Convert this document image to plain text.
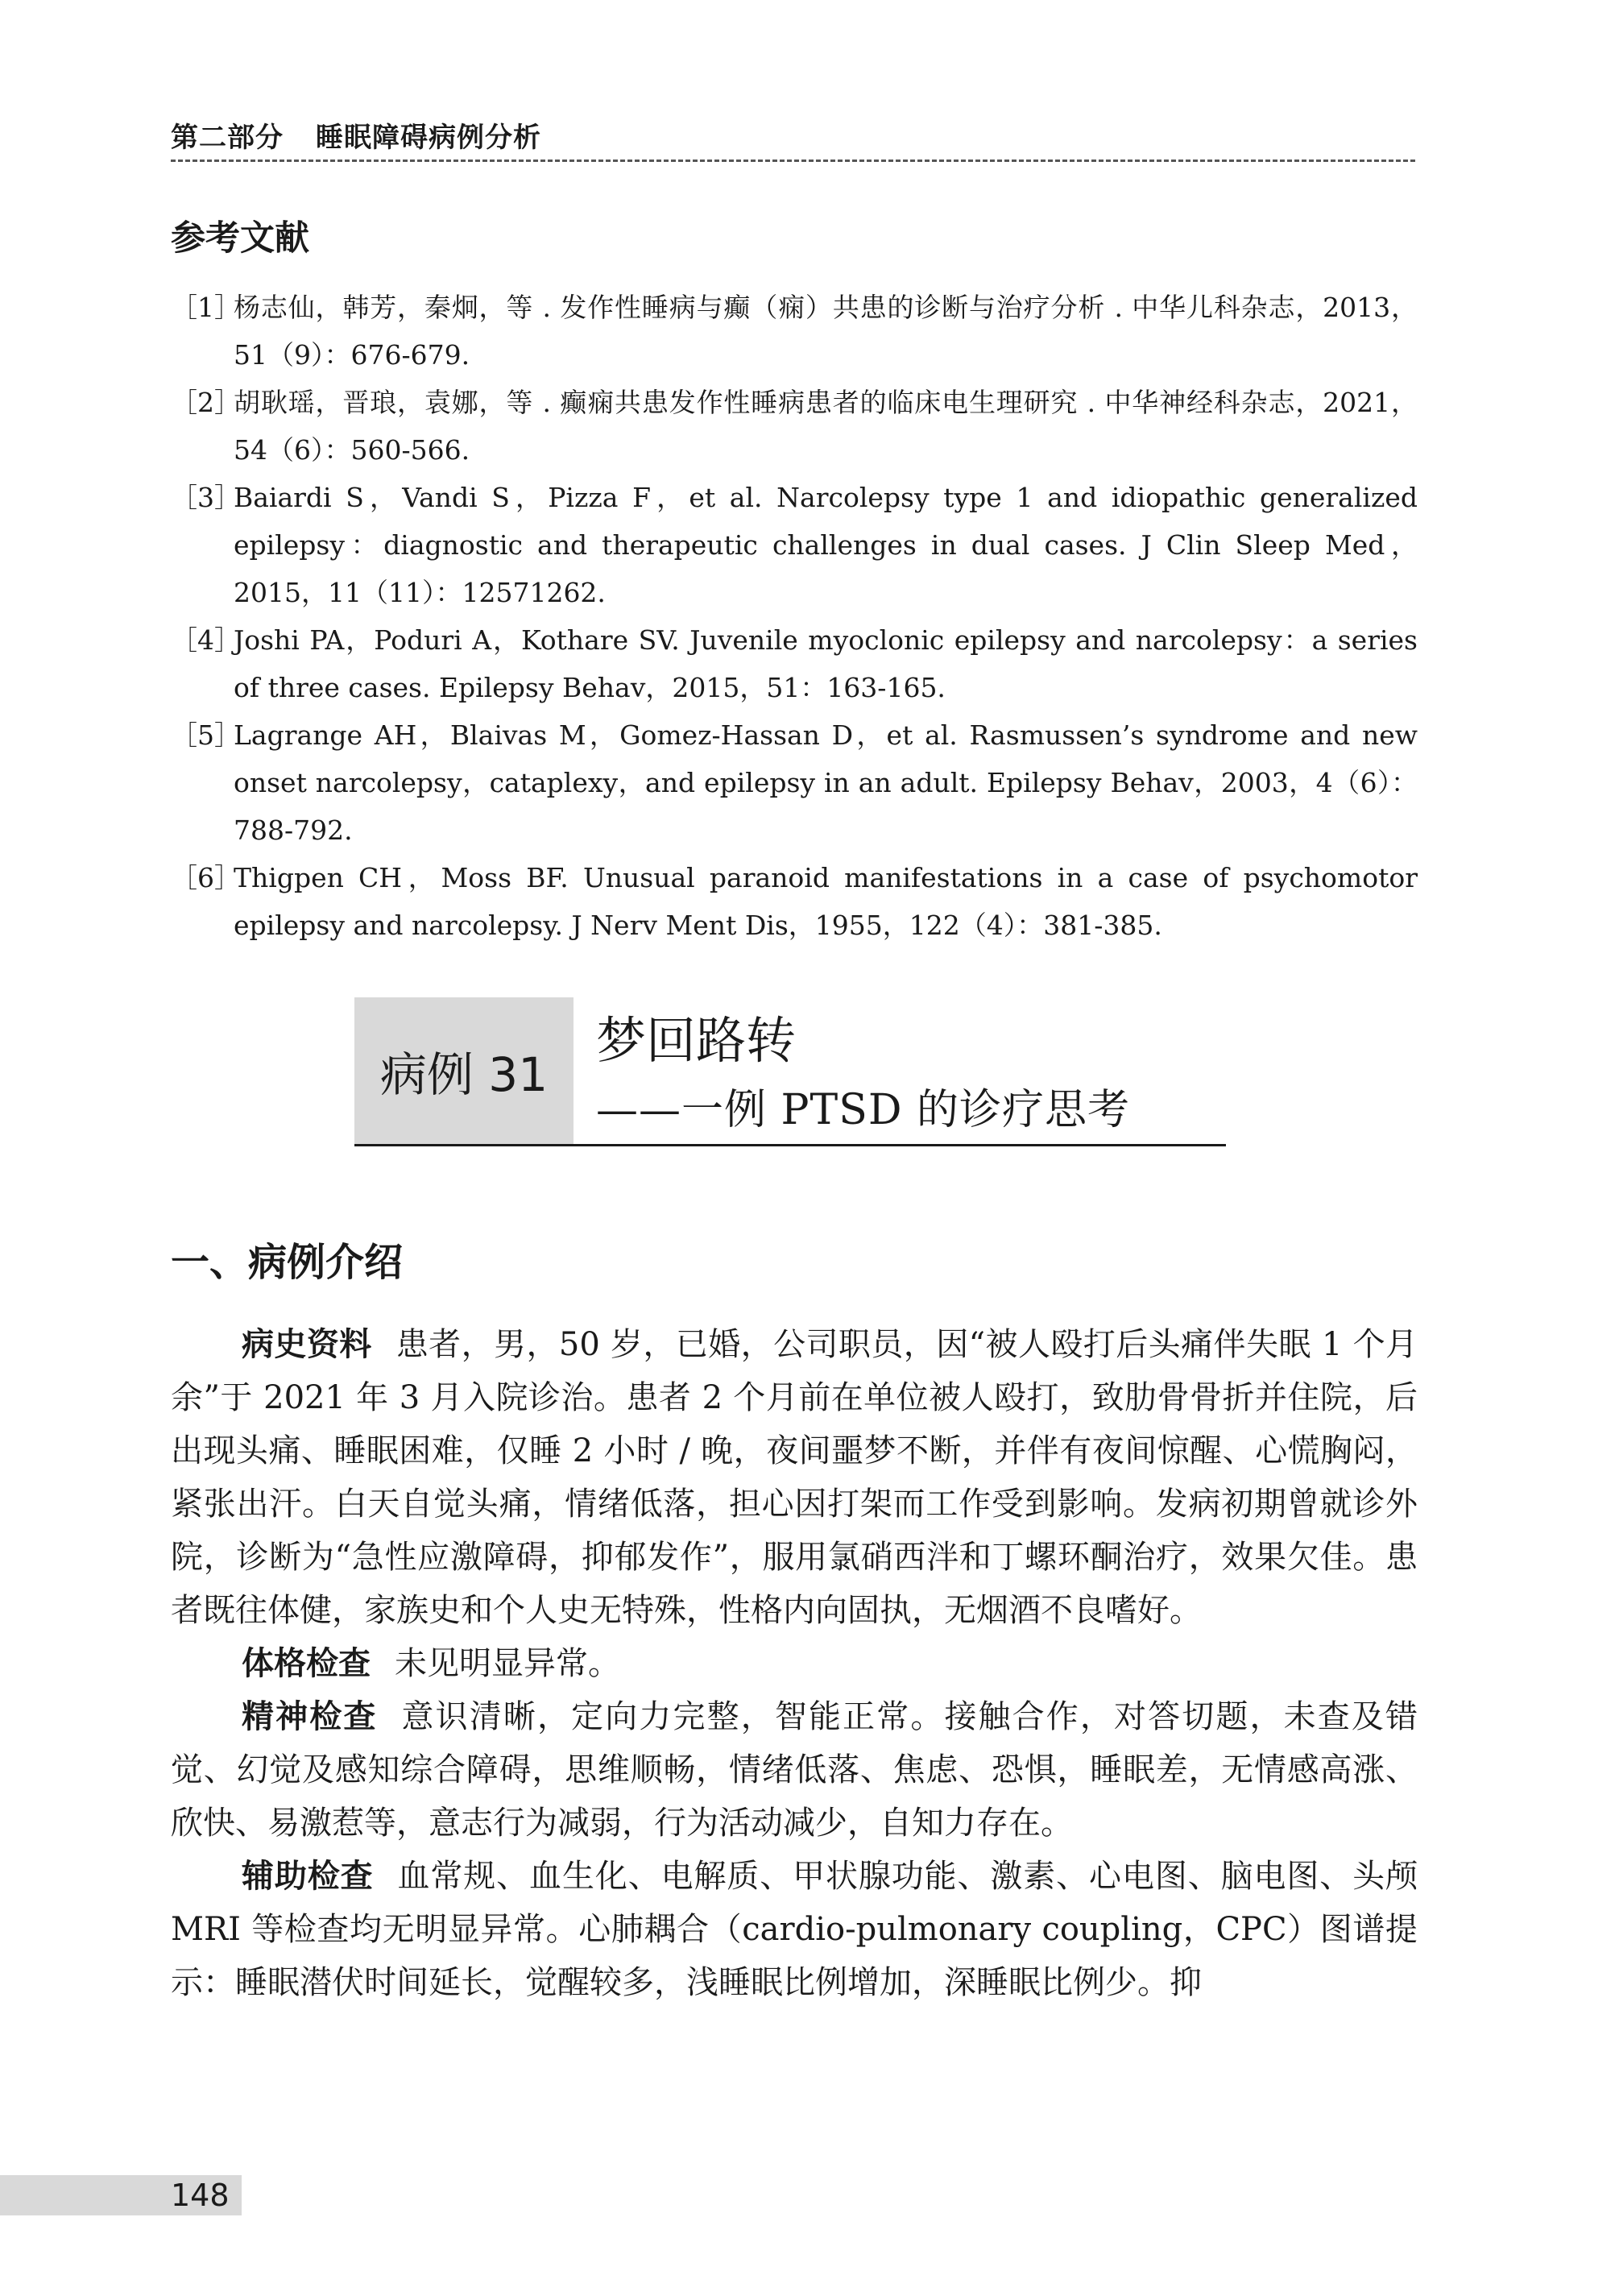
第二部分 睡眠障碍病例分析
参考文献
［1］
杨志仙，韩芳，秦炯，等 . 发作性睡病与癫（痫）共患的诊断与治疗分析 . 中华儿科杂志，2013，51（9）：676-679.
［2］
胡耿瑶，晋琅，袁娜，等 . 癫痫共患发作性睡病患者的临床电生理研究 . 中华神经科杂志，2021，54（6）：560-566.
［3］
Baiardi S，Vandi S，Pizza F，et al. Narcolepsy type 1 and idiopathic generalized epilepsy：diagnostic and therapeutic challenges in dual cases. J Clin Sleep Med，2015，11（11）：12571262.
［4］
Joshi PA，Poduri A，Kothare SV. Juvenile myoclonic epilepsy and narcolepsy：a series of three cases. Epilepsy Behav，2015，51：163-165.
［5］
Lagrange AH，Blaivas M，Gomez-Hassan D，et al. Rasmussen’s syndrome and new onset narcolepsy，cataplexy，and epilepsy in an adult. Epilepsy Behav，2003，4（6）：788-792.
［6］
Thigpen CH，Moss BF. Unusual paranoid manifestations in a case of psychomotor epilepsy and narcolepsy. J Nerv Ment Dis，1955，122（4）：381-385.
病例 31
梦回路转
——一例 PTSD 的诊疗思考
一、病例介绍

病史资料 患者，男，50 岁，已婚，公司职员，因“被人殴打后头痛伴失眠 1 个月余”于 2021 年 3 月入院诊治。患者 2 个月前在单位被人殴打，致肋骨骨折并住院，后出现头痛、睡眠困难，仅睡 2 小时 / 晚，夜间噩梦不断，并伴有夜间惊醒、心慌胸闷，紧张出汗。白天自觉头痛，情绪低落，担心因打架而工作受到影响。发病初期曾就诊外院，诊断为“急性应激障碍，抑郁发作”，服用氯硝西泮和丁螺环酮治疗，效果欠佳。患者既往体健，家族史和个人史无特殊，性格内向固执，无烟酒不良嗜好。

体格检查 未见明显异常。

精神检查 意识清晰，定向力完整，智能正常。接触合作，对答切题，未查及错觉、幻觉及感知综合障碍，思维顺畅，情绪低落、焦虑、恐惧，睡眠差，无情感高涨、欣快、易激惹等，意志行为减弱，行为活动减少，自知力存在。

辅助检查 血常规、血生化、电解质、甲状腺功能、激素、心电图、脑电图、头颅 MRI 等检查均无明显异常。心肺耦合（cardio-pulmonary coupling，CPC）图谱提示：睡眠潜伏时间延长，觉醒较多，浅睡眠比例增加，深睡眠比例少。抑

148
